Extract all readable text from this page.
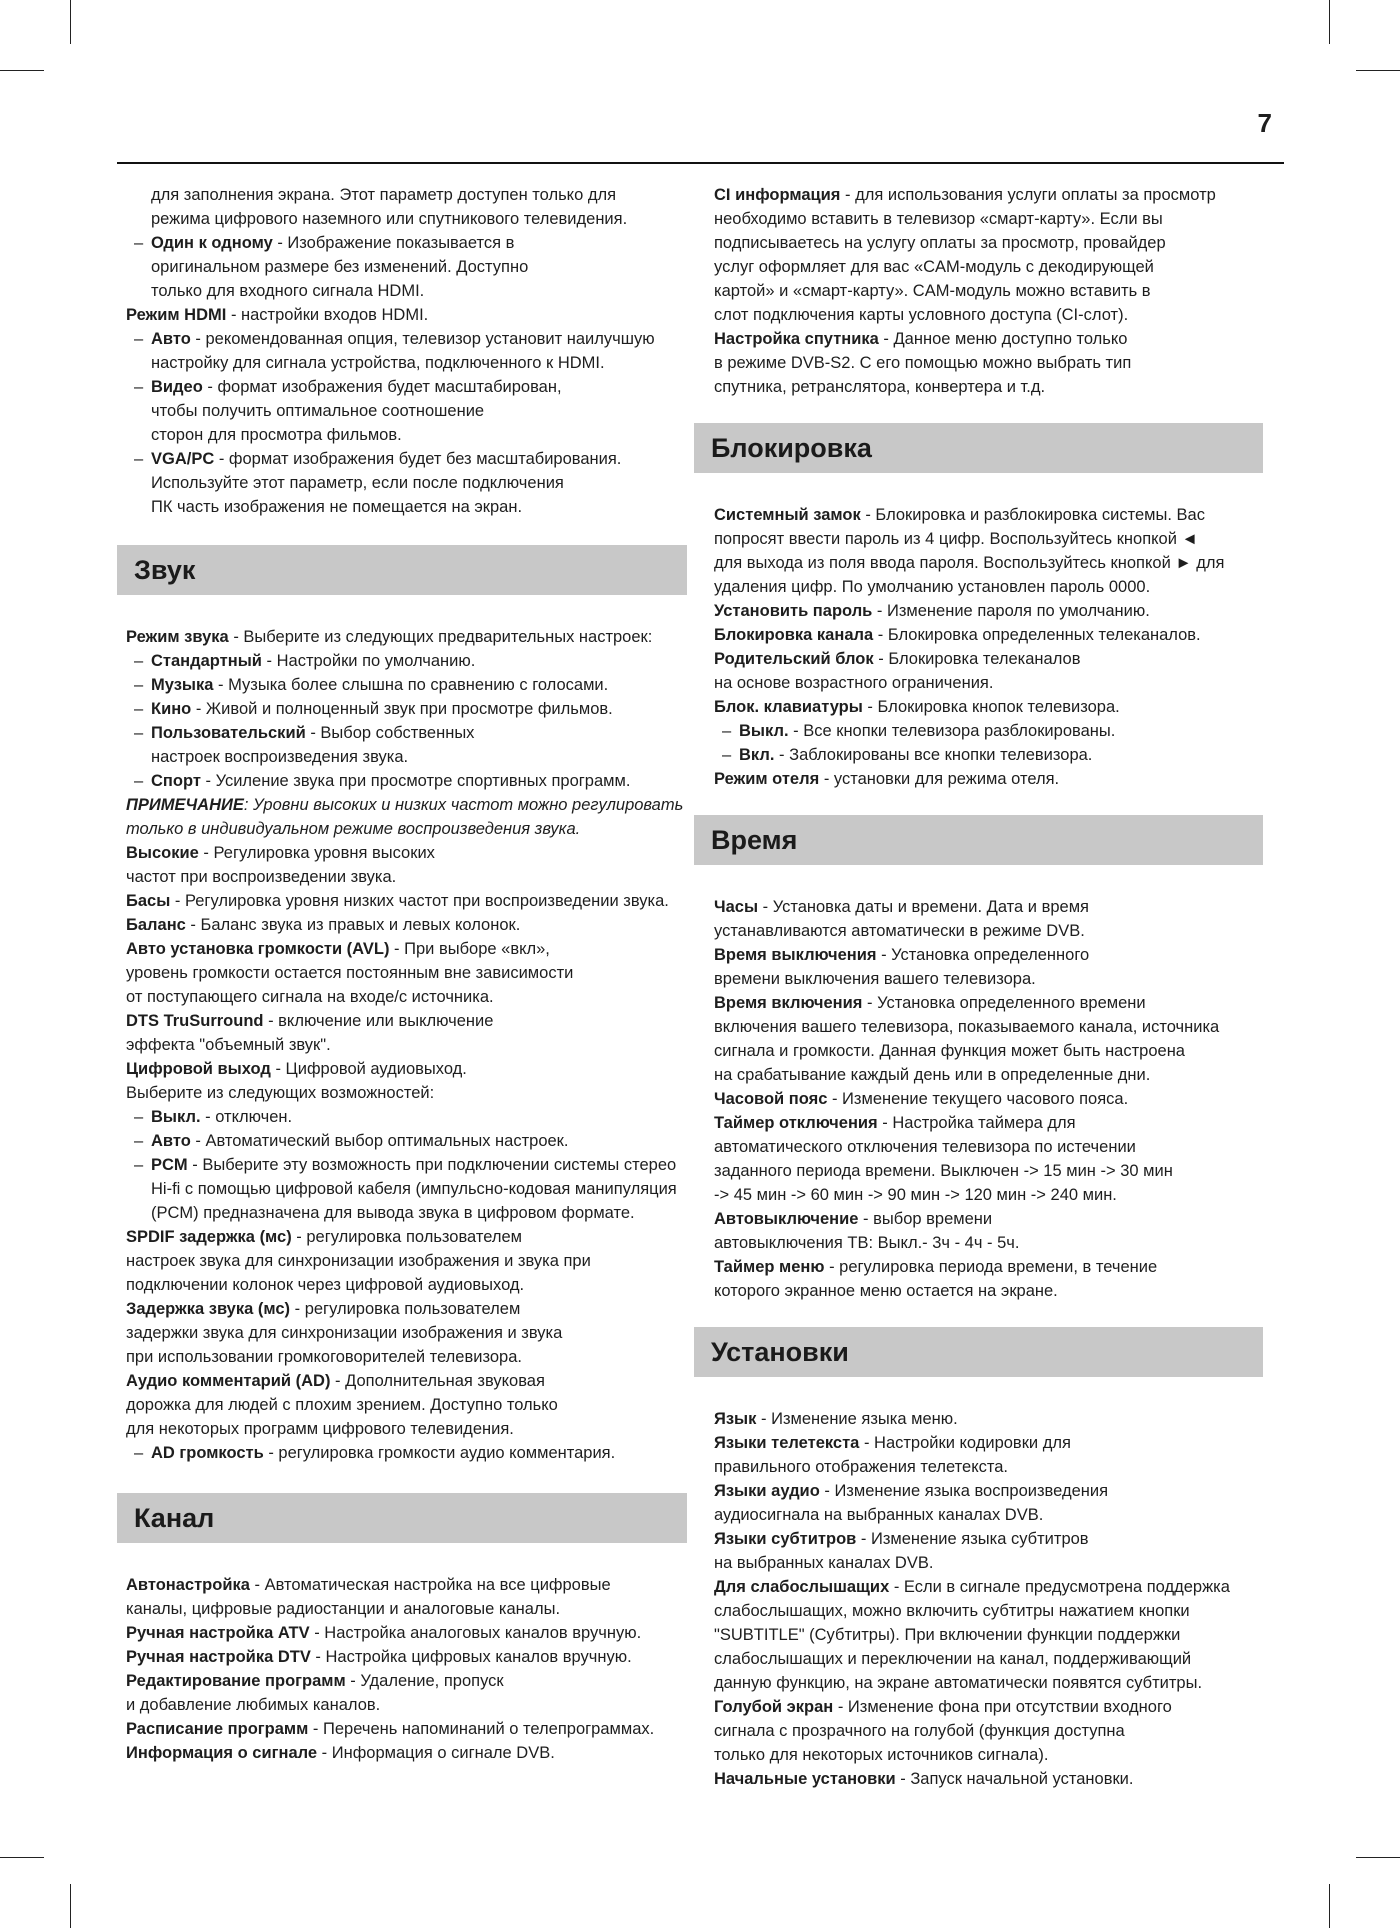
7
для заполнения экрана. Этот параметр доступен только для
режима цифрового наземного или спутникового телевидения.
– Один к одному - Изображение показывается в
оригинальном размере без изменений. Доступно
только для входного сигнала HDMI.
Режим HDMI - настройки входов HDMI.
– Авто - рекомендованная опция, телевизор установит наилучшую
настройку для сигнала устройства, подключенного к HDMI.
– Видео - формат изображения будет масштабирован,
чтобы получить оптимальное соотношение
сторон для просмотра фильмов.
– VGA/PC - формат изображения будет без масштабирования.
Используйте этот параметр, если после подключения
ПК часть изображения не помещается на экран.
Звук
Режим звука - Выберите из следующих предварительных настроек:
– Стандартный - Настройки по умолчанию.
– Музыка - Музыка более слышна по сравнению с голосами.
– Кино - Живой и полноценный звук при просмотре фильмов.
– Пользовательский - Выбор собственных
настроек воспроизведения звука.
– Спорт - Усиление звука при просмотре спортивных программ.
ПРИМЕЧАНИЕ: Уровни высоких и низких частот можно регулировать
только в индивидуальном режиме воспроизведения звука.
Высокие - Регулировка уровня высоких
частот при воспроизведении звука.
Басы - Регулировка уровня низких частот при воспроизведении звука.
Баланс - Баланс звука из правых и левых колонок.
Авто установка громкости (AVL) - При выборе «вкл»,
уровень громкости остается постоянным вне зависимости
от поступающего сигнала на входе/с источника.
DTS TruSurround - включение или выключение
эффекта "объемный звук".
Цифровой выход - Цифровой аудиовыход.
Выберите из следующих возможностей:
– Выкл. - отключен.
– Авто - Автоматический выбор оптимальных настроек.
– PCM - Выберите эту возможность при подключении системы стерео
Hi-fi с помощью цифровой кабеля (импульсно-кодовая манипуляция
(PCM) предназначена для вывода звука в цифровом формате.
SPDIF задержка (мс) - регулировка пользователем
настроек звука для синхронизации изображения и звука при
подключении колонок через цифровой аудиовыход.
Задержка звука (мс) - регулировка пользователем
задержки звука для синхронизации изображения и звука
при использовании громкоговорителей телевизора.
Аудио комментарий (AD) - Дополнительная звуковая
дорожка для людей с плохим зрением. Доступно только
для некоторых программ цифрового телевидения.
– AD громкость - регулировка громкости аудио комментария.
Канал
Автонастройка - Автоматическая настройка на все цифровые
каналы, цифровые радиостанции и аналоговые каналы.
Ручная настройка ATV - Настройка аналоговых каналов вручную.
Ручная настройка DTV - Настройка цифровых каналов вручную.
Редактирование программ - Удаление, пропуск
и добавление любимых каналов.
Расписание программ - Перечень напоминаний о телепрограммах.
Информация о сигнале - Информация о сигнале DVB.
CI информация - для использования услуги оплаты за просмотр
необходимо вставить в телевизор «смарт-карту». Если вы
подписываетесь на услугу оплаты за просмотр, провайдер
услуг оформляет для вас «CAM-модуль с декодирующей
картой» и «смарт-карту». CAM-модуль можно вставить в
слот подключения карты условного доступа (CI-слот).
Настройка спутника - Данное меню доступно только
в режиме DVB-S2. С его помощью можно выбрать тип
спутника, ретранслятора, конвертера и т.д.
Блокировка
Системный замок - Блокировка и разблокировка системы. Вас
попросят ввести пароль из 4 цифр. Воспользуйтесь кнопкой ◄
для выхода из поля ввода пароля. Воспользуйтесь кнопкой ► для
удаления цифр. По умолчанию установлен пароль 0000.
Установить пароль - Изменение пароля по умолчанию.
Блокировка канала - Блокировка определенных телеканалов.
Родительский блок - Блокировка телеканалов
на основе возрастного ограничения.
Блок. клавиатуры - Блокировка кнопок телевизора.
– Выкл. - Все кнопки телевизора разблокированы.
– Вкл. - Заблокированы все кнопки телевизора.
Режим отеля - установки для режима отеля.
Время
Часы - Установка даты и времени. Дата и время
устанавливаются автоматически в режиме DVB.
Время выключения - Установка определенного
времени выключения вашего телевизора.
Время включения - Установка определенного времени
включения вашего телевизора, показываемого канала, источника
сигнала и громкости. Данная функция может быть настроена
на срабатывание каждый день или в определенные дни.
Часовой пояс - Изменение текущего часового пояса.
Таймер отключения - Настройка таймера для
автоматического отключения телевизора по истечении
заданного периода времени. Выключен -> 15 мин -> 30 мин
-> 45 мин -> 60 мин -> 90 мин -> 120 мин -> 240 мин.
Автовыключение - выбор времени
автовыключения ТВ: Выкл.- 3ч - 4ч - 5ч.
Таймер меню - регулировка периода времени, в течение
которого экранное меню остается на экране.
Установки
Язык - Изменение языка меню.
Языки телетекста - Настройки кодировки для
правильного отображения телетекста.
Языки аудио - Изменение языка воспроизведения
аудиосигнала на выбранных каналах DVB.
Языки субтитров - Изменение языка субтитров
на выбранных каналах DVB.
Для слабослышащих - Если в сигнале предусмотрена поддержка
слабослышащих, можно включить субтитры нажатием кнопки
"SUBTITLE" (Субтитры). При включении функции поддержки
слабослышащих и переключении на канал, поддерживающий
данную функцию, на экране автоматически появятся субтитры.
Голубой экран - Изменение фона при отсутствии входного
сигнала с прозрачного на голубой (функция доступна
только для некоторых источников сигнала).
Начальные установки - Запуск начальной установки.
